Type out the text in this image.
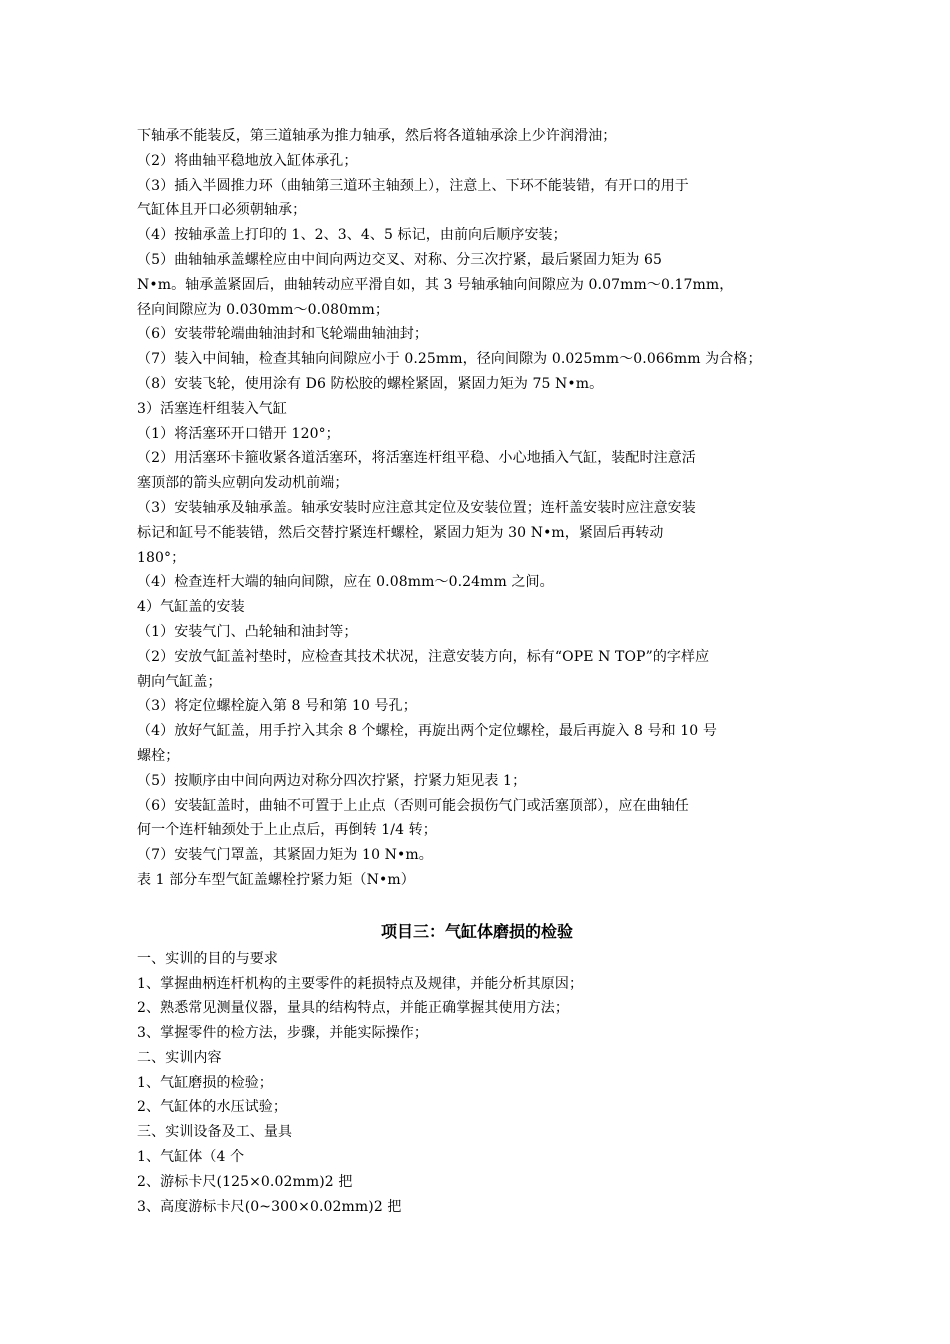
下轴承不能装反，第三道轴承为推力轴承，然后将各道轴承涂上少许润滑油；
（2）将曲轴平稳地放入缸体承孔；
（3）插入半圆推力环（曲轴第三道环主轴颈上），注意上、下环不能装错，有开口的用于
气缸体且开口必须朝轴承；
（4）按轴承盖上打印的 1、2、3、4、5 标记，由前向后顺序安装；
（5）曲轴轴承盖螺栓应由中间向两边交叉、对称、分三次拧紧，最后紧固力矩为 65
N•m。轴承盖紧固后，曲轴转动应平滑自如，其 3 号轴承轴向间隙应为 0.07mm～0.17mm，
径向间隙应为 0.030mm～0.080mm；
（6）安装带轮端曲轴油封和飞轮端曲轴油封；
（7）装入中间轴，检查其轴向间隙应小于 0.25mm，径向间隙为 0.025mm～0.066mm 为合格；
（8）安装飞轮，使用涂有 D6 防松胶的螺栓紧固，紧固力矩为 75 N•m。
3）活塞连杆组装入气缸
（1）将活塞环开口错开 120°；
（2）用活塞环卡箍收紧各道活塞环，将活塞连杆组平稳、小心地插入气缸，装配时注意活
塞顶部的箭头应朝向发动机前端；
（3）安装轴承及轴承盖。轴承安装时应注意其定位及安装位置；连杆盖安装时应注意安装
标记和缸号不能装错，然后交替拧紧连杆螺栓，紧固力矩为 30 N•m，紧固后再转动
180°；
（4）检查连杆大端的轴向间隙，应在 0.08mm～0.24mm 之间。
4）气缸盖的安装
（1）安装气门、凸轮轴和油封等；
（2）安放气缸盖衬垫时，应检查其技术状况，注意安装方向，标有“OPE N TOP”的字样应
朝向气缸盖；
（3）将定位螺栓旋入第 8 号和第 10 号孔；
（4）放好气缸盖，用手拧入其余 8 个螺栓，再旋出两个定位螺栓，最后再旋入 8 号和 10 号
螺栓；
（5）按顺序由中间向两边对称分四次拧紧，拧紧力矩见表 1；
（6）安装缸盖时，曲轴不可置于上止点（否则可能会损伤气门或活塞顶部），应在曲轴任
何一个连杆轴颈处于上止点后，再倒转 1/4 转；
（7）安装气门罩盖，其紧固力矩为 10 N•m。
表 1 部分车型气缸盖螺栓拧紧力矩（N•m）
项目三：气缸体磨损的检验
一、实训的目的与要求
1、掌握曲柄连杆机构的主要零件的耗损特点及规律，并能分析其原因；
2、熟悉常见测量仪器，量具的结构特点，并能正确掌握其使用方法；
3、掌握零件的检方法，步骤，并能实际操作；
二、实训内容
1、气缸磨损的检验；
2、气缸体的水压试验；
三、实训设备及工、量具
1、气缸体（4 个
2、游标卡尺(125×0.02mm)2 把
3、高度游标卡尺(0~300×0.02mm)2 把
